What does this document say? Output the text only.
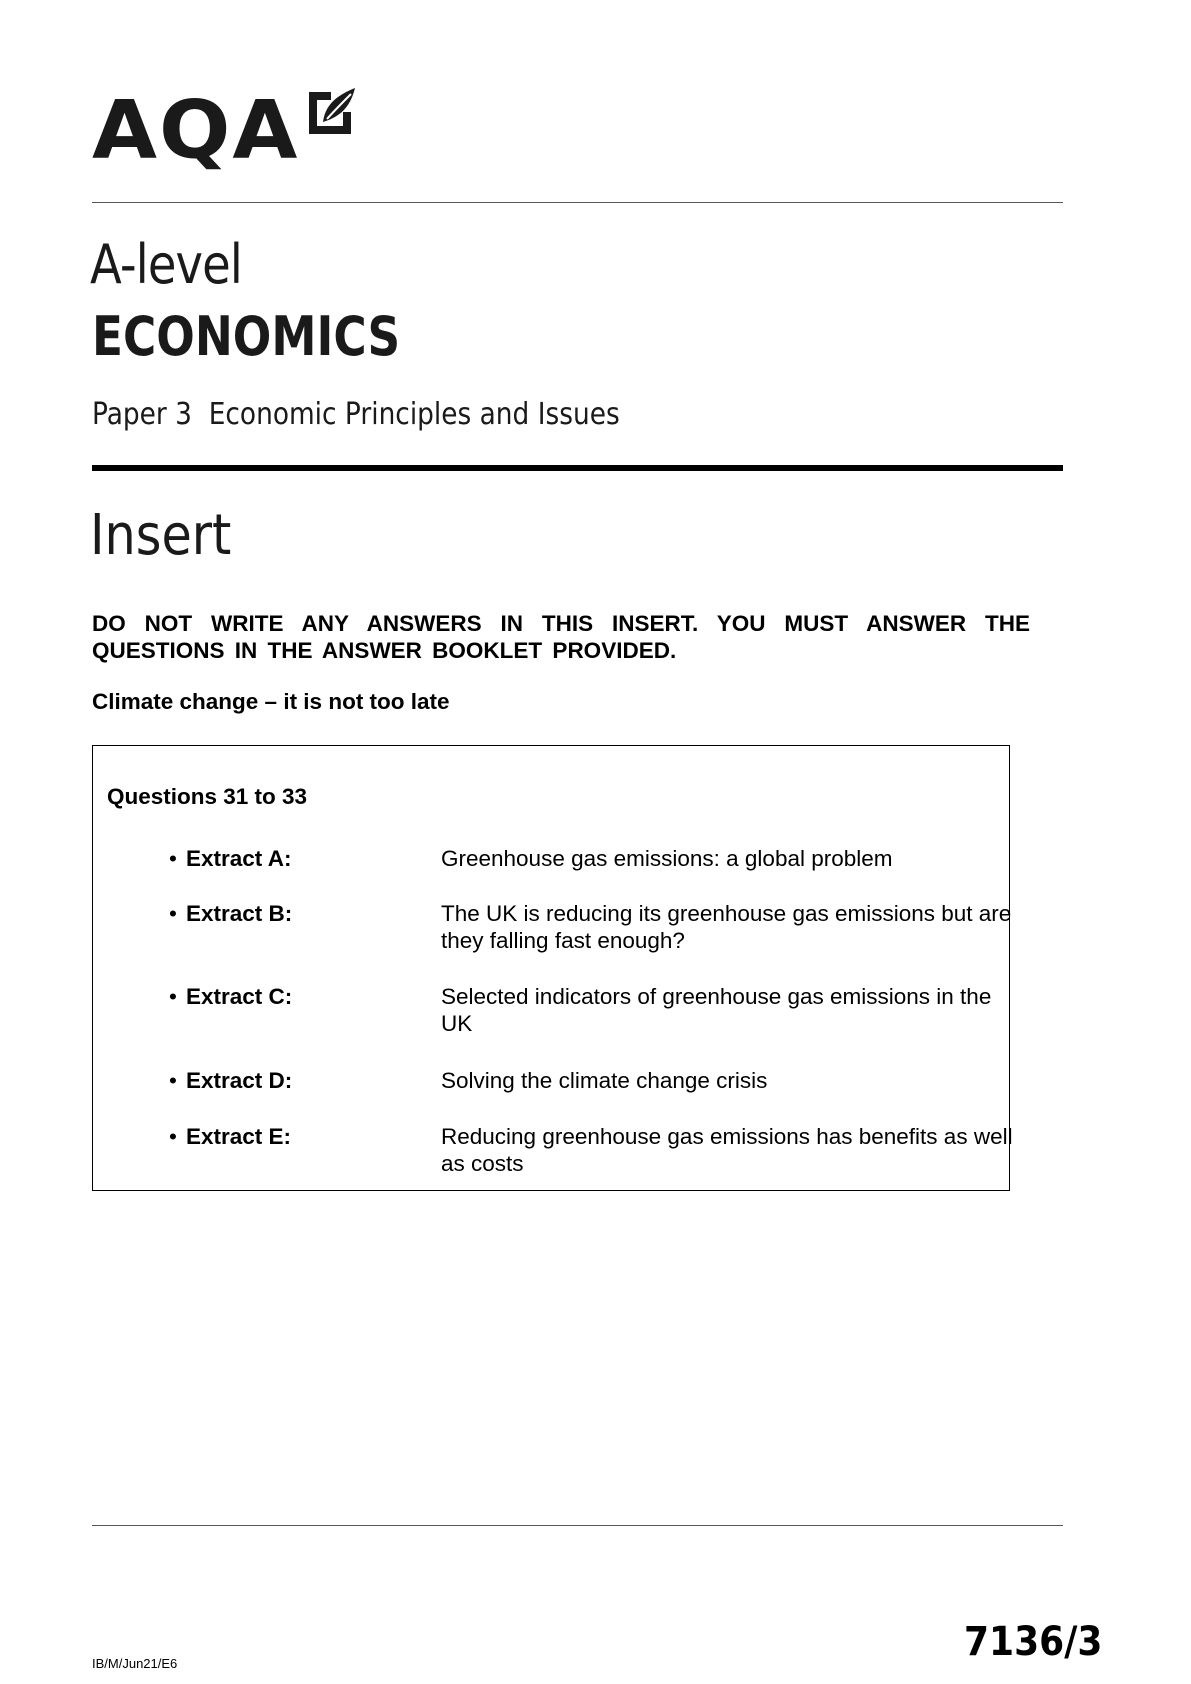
AQA
A-level
ECONOMICS
Paper 3  Economic Principles and Issues
Insert
DO NOT WRITE ANY ANSWERS IN THIS INSERT. YOU MUST ANSWER THE QUESTIONS IN THE ANSWER BOOKLET PROVIDED.
Climate change – it is not too late
Questions 31 to 33
• Extract A:	Greenhouse gas emissions: a global problem
• Extract B:	The UK is reducing its greenhouse gas emissions but are they falling fast enough?
• Extract C:	Selected indicators of greenhouse gas emissions in the UK
• Extract D:	Solving the climate change crisis
• Extract E:	Reducing greenhouse gas emissions has benefits as well as costs
IB/M/Jun21/E6	7136/3
